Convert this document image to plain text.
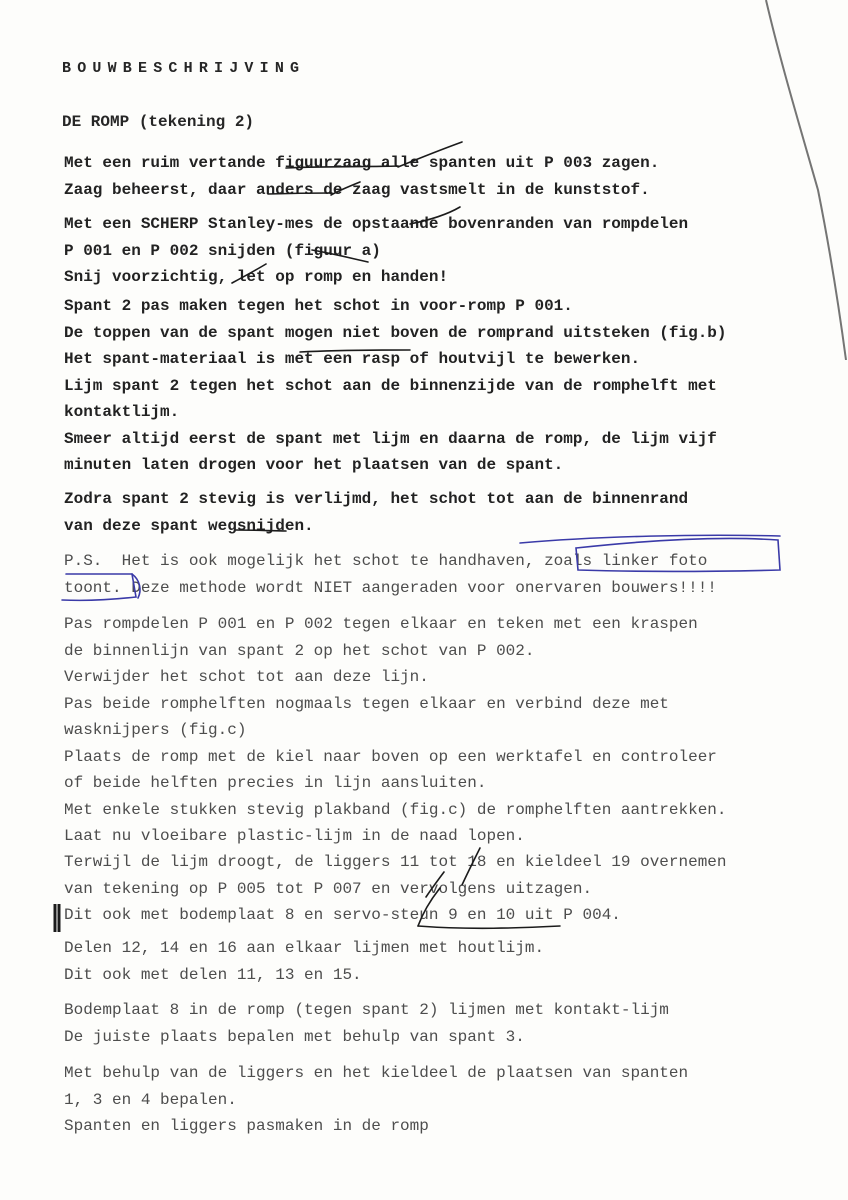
BOUWBESCHRIJVING
DE ROMP (tekening 2)
Met een ruim vertande figuurzaag alle spanten uit P 003 zagen.
Zaag beheerst, daar anders de zaag vastsmelt in de kunststof.
Met een SCHERP Stanley-mes de opstaande bovenranden van rompdelen
P 001 en P 002 snijden (figuur a)
Snij voorzichtig, let op romp en handen!
Spant 2 pas maken tegen het schot in voor-romp P 001.
De toppen van de spant mogen niet boven de romprand uitsteken (fig.b)
Het spant-materiaal is met een rasp of houtvijl te bewerken.
Lijm spant 2 tegen het schot aan de binnenzijde van de romphelft met
kontaktlijm.
Smeer altijd eerst de spant met lijm en daarna de romp, de lijm vijf
minuten laten drogen voor het plaatsen van de spant.
Zodra spant 2 stevig is verlijmd, het schot tot aan de binnenrand
van deze spant wegsnijden.
P.S.  Het is ook mogelijk het schot te handhaven, zoals linker foto
toont. Deze methode wordt NIET aangeraden voor onervaren bouwers!!!!
Pas rompdelen P 001 en P 002 tegen elkaar en teken met een kraspen
de binnenlijn van spant 2 op het schot van P 002.
Verwijder het schot tot aan deze lijn.
Pas beide romphelften nogmaals tegen elkaar en verbind deze met
wasknijpers (fig.c)
Plaats de romp met de kiel naar boven op een werktafel en controleer
of beide helften precies in lijn aansluiten.
Met enkele stukken stevig plakband (fig.c) de romphelften aantrekken.
Laat nu vloeibare plastic-lijm in de naad lopen.
Terwijl de lijm droogt, de liggers 11 tot 18 en kieldeel 19 overnemen
van tekening op P 005 tot P 007 en vervolgens uitzagen.
Dit ook met bodemplaat 8 en servo-steun 9 en 10 uit P 004.
Delen 12, 14 en 16 aan elkaar lijmen met houtlijm.
Dit ook met delen 11, 13 en 15.
Bodemplaat 8 in de romp (tegen spant 2) lijmen met kontakt-lijm
De juiste plaats bepalen met behulp van spant 3.
Met behulp van de liggers en het kieldeel de plaatsen van spanten
1, 3 en 4 bepalen.
Spanten en liggers pasmaken in de romp
